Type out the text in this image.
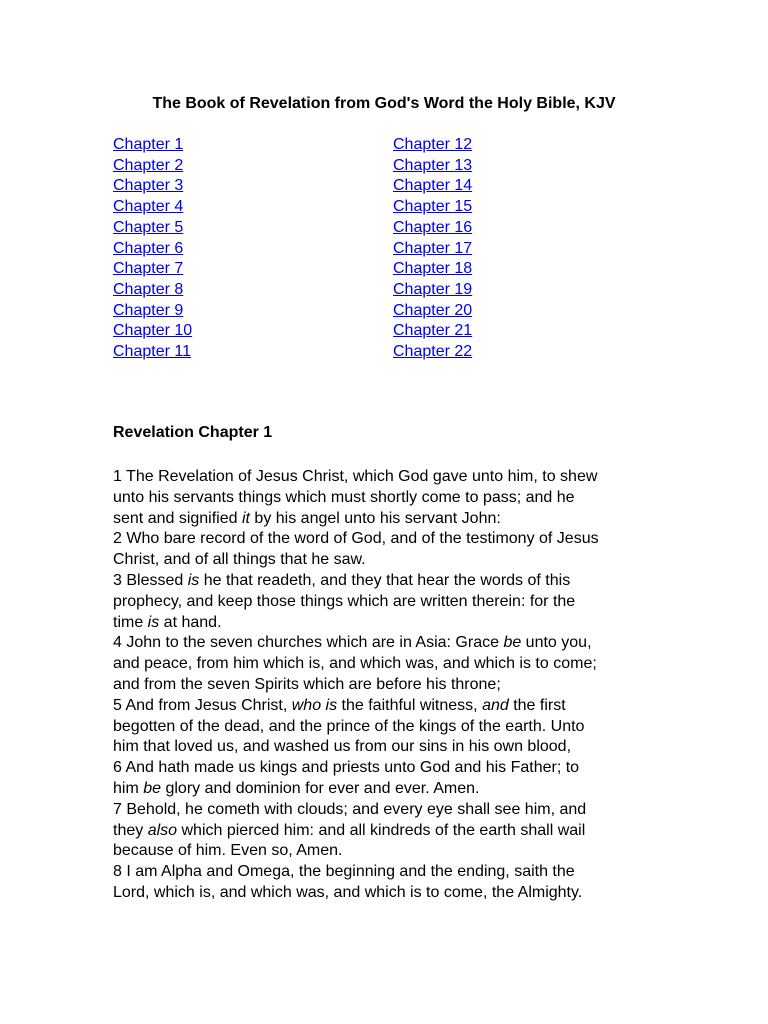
The Book of Revelation from God's Word the Holy Bible, KJV
Chapter 1
Chapter 2
Chapter 3
Chapter 4
Chapter 5
Chapter 6
Chapter 7
Chapter 8
Chapter 9
Chapter 10
Chapter 11
Chapter 12
Chapter 13
Chapter 14
Chapter 15
Chapter 16
Chapter 17
Chapter 18
Chapter 19
Chapter 20
Chapter 21
Chapter 22
Revelation Chapter 1
1 The Revelation of Jesus Christ, which God gave unto him, to shew
unto his servants things which must shortly come to pass; and he
sent and signified it by his angel unto his servant John:
2 Who bare record of the word of God, and of the testimony of Jesus
Christ, and of all things that he saw.
3 Blessed is he that readeth, and they that hear the words of this
prophecy, and keep those things which are written therein: for the
time is at hand.
4 John to the seven churches which are in Asia: Grace be unto you,
and peace, from him which is, and which was, and which is to come;
and from the seven Spirits which are before his throne;
5 And from Jesus Christ, who is the faithful witness, and the first
begotten of the dead, and the prince of the kings of the earth. Unto
him that loved us, and washed us from our sins in his own blood,
6 And hath made us kings and priests unto God and his Father; to
him be glory and dominion for ever and ever. Amen.
7 Behold, he cometh with clouds; and every eye shall see him, and
they also which pierced him: and all kindreds of the earth shall wail
because of him. Even so, Amen.
8 I am Alpha and Omega, the beginning and the ending, saith the
Lord, which is, and which was, and which is to come, the Almighty.
